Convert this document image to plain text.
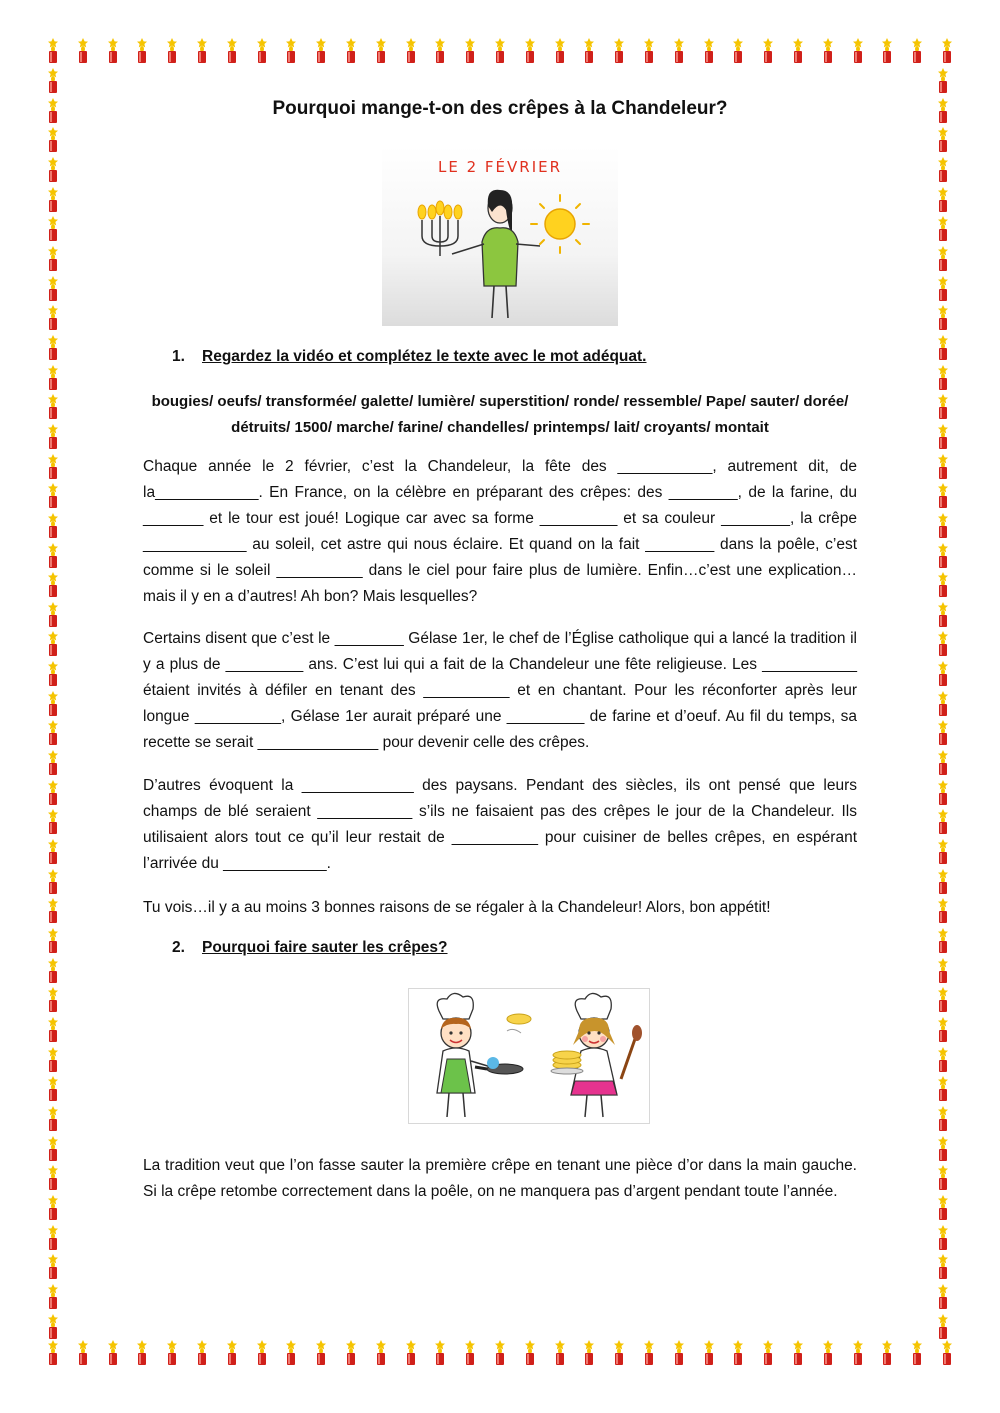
Pourquoi mange-t-on des crêpes à la Chandeleur?
LE 2 FÉVRIER
1. Regardez la vidéo et complétez le texte avec le mot adéquat.
bougies/ oeufs/ transformée/ galette/ lumière/ superstition/ ronde/ ressemble/ Pape/ sauter/ dorée/ détruits/ 1500/ marche/ farine/ chandelles/ printemps/ lait/ croyants/ montait

Chaque année le 2 février, c’est la Chandeleur, la fête des ___________, autrement dit, de la____________. En France, on la célèbre en préparant des crêpes: des ________, de la farine, du _______ et le tour est joué! Logique car avec sa forme _________ et sa couleur ________, la crêpe ____________ au soleil, cet astre qui nous éclaire. Et quand on la fait ________ dans la poêle, c’est comme si le soleil __________ dans le ciel pour faire plus de lumière. Enfin…c’est une explication…mais il y en a d’autres! Ah bon? Mais lesquelles?

Certains disent que c’est le ________ Gélase 1er, le chef de l’Église catholique qui a lancé la tradition il y a plus de _________ ans. C’est lui qui a fait de la Chandeleur une fête religieuse. Les ___________ étaient invités à défiler en tenant des __________ et en chantant. Pour les réconforter après leur longue __________, Gélase 1er aurait préparé une _________ de farine et d’oeuf. Au fil du temps, sa recette se serait ______________ pour devenir celle des crêpes.

D’autres évoquent la _____________ des paysans. Pendant des siècles, ils ont pensé que leurs champs de blé seraient ___________ s’ils ne faisaient pas des crêpes le jour de la Chandeleur. Ils utilisaient alors tout ce qu’il leur restait de __________ pour cuisiner de belles crêpes, en espérant l’arrivée du ____________.

Tu vois…il y a au moins 3 bonnes raisons de se régaler à la Chandeleur! Alors, bon appétit!

2. Pourquoi faire sauter les crêpes?

La tradition veut que l’on fasse sauter la première crêpe en tenant une pièce d’or dans la main gauche. Si la crêpe retombe correctement dans la poêle, on ne manquera pas d’argent pendant toute l’année.
